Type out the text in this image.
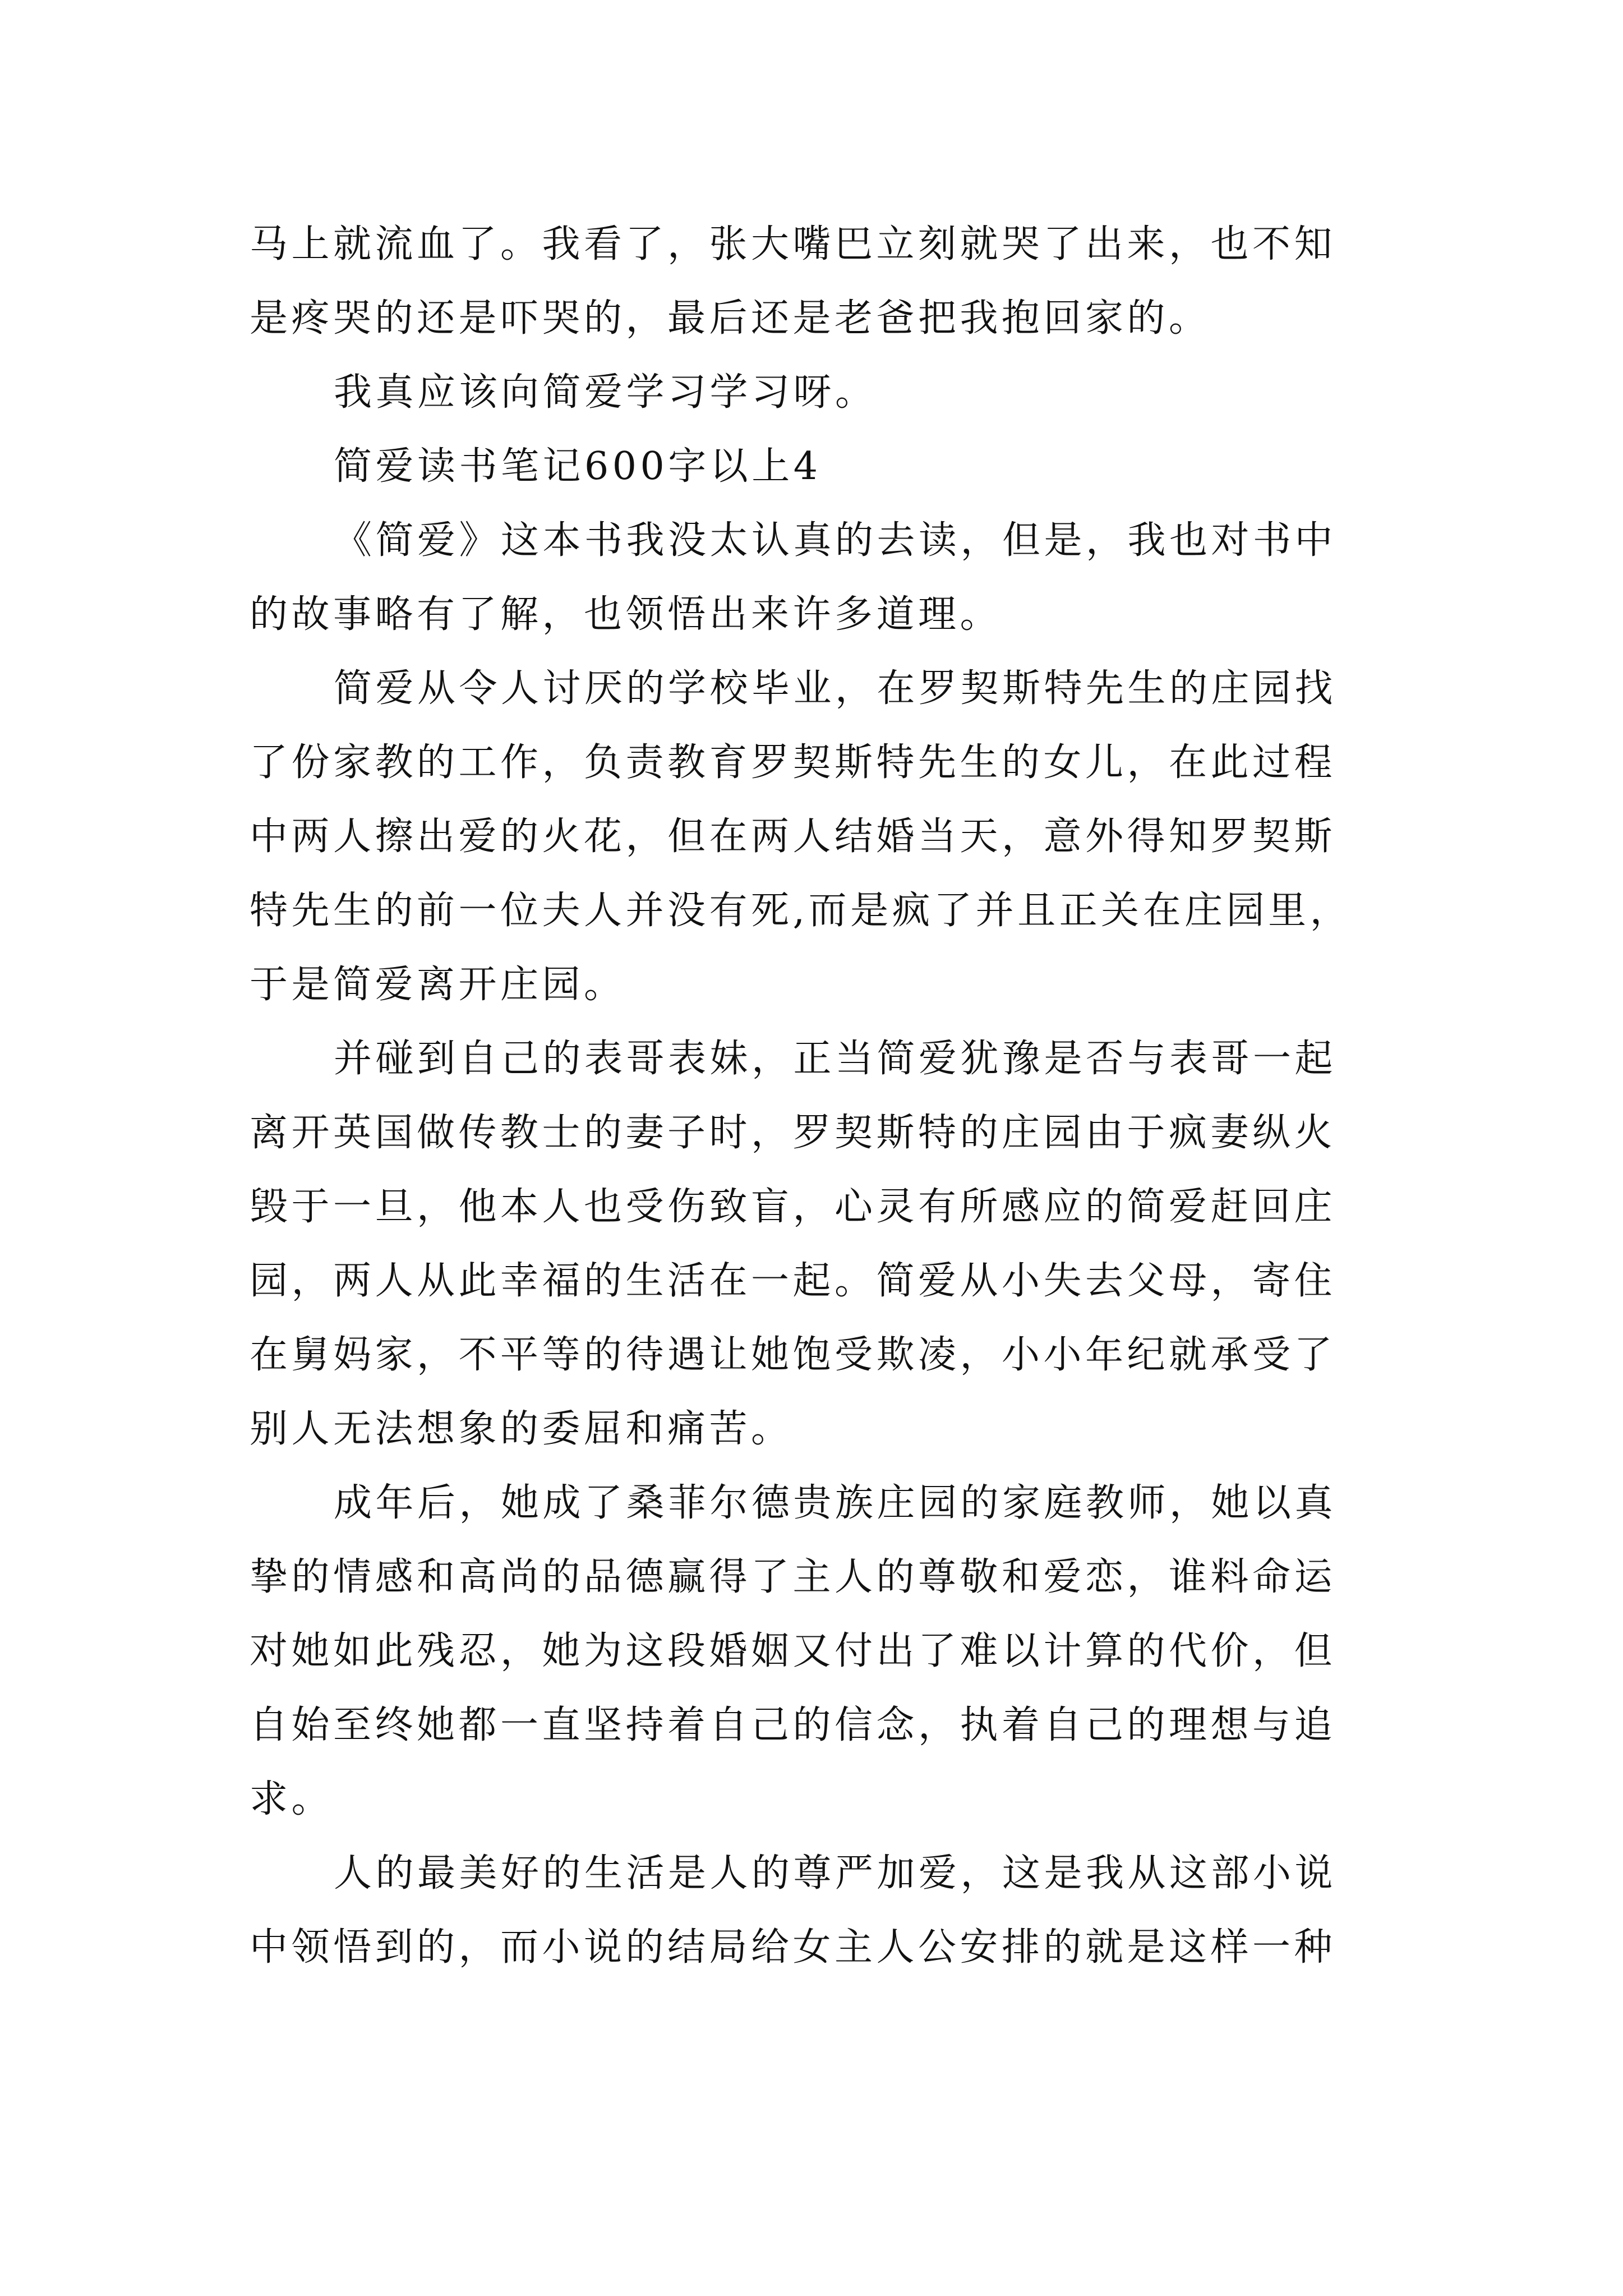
马上就流血了。我看了，张大嘴巴立刻就哭了出来，也不知
是疼哭的还是吓哭的，最后还是老爸把我抱回家的。
我真应该向简爱学习学习呀。
简爱读书笔记600字以上4
《简爱》这本书我没太认真的去读，但是，我也对书中
的故事略有了解，也领悟出来许多道理。
简爱从令人讨厌的学校毕业，在罗契斯特先生的庄园找
了份家教的工作，负责教育罗契斯特先生的女儿，在此过程
中两人擦出爱的火花，但在两人结婚当天，意外得知罗契斯
特先生的前一位夫人并没有死,而是疯了并且正关在庄园里，
于是简爱离开庄园。
并碰到自己的表哥表妹，正当简爱犹豫是否与表哥一起
离开英国做传教士的妻子时，罗契斯特的庄园由于疯妻纵火
毁于一旦，他本人也受伤致盲，心灵有所感应的简爱赶回庄
园，两人从此幸福的生活在一起。简爱从小失去父母，寄住
在舅妈家，不平等的待遇让她饱受欺凌，小小年纪就承受了
别人无法想象的委屈和痛苦。
成年后，她成了桑菲尔德贵族庄园的家庭教师，她以真
挚的情感和高尚的品德赢得了主人的尊敬和爱恋，谁料命运
对她如此残忍，她为这段婚姻又付出了难以计算的代价，但
自始至终她都一直坚持着自己的信念，执着自己的理想与追
求。
人的最美好的生活是人的尊严加爱，这是我从这部小说
中领悟到的，而小说的结局给女主人公安排的就是这样一种
